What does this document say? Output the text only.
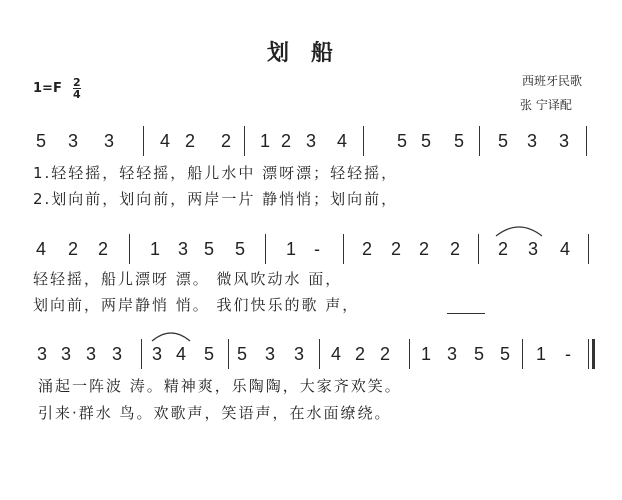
划船
1=F 2
4
西班牙民歌
张 宁译配
5 3 3	4 2 2 1 2 3 4	5 5 5 5 3 3
1.轻轻摇，轻轻摇，船儿水中 漂呀漂；轻轻摇，
2.划向前，划向前，两岸一片 静悄悄；划向前，
4 2 2 1 3 5 5 1 - 2 2 2 2 2 3 4
轻轻摇，船儿漂呀 漂。 微风吹动水 面，
划向前，两岸静悄 悄。 我们快乐的歌 声，
3 3 3 3 3 4 5 5 3 3 4 2 2 1 3 5 5 1 -
涌起一阵波 涛。精神爽，乐陶陶，大家齐欢笑。
引来·群水 鸟。欢歌声，笑语声，在水面缭绕。
